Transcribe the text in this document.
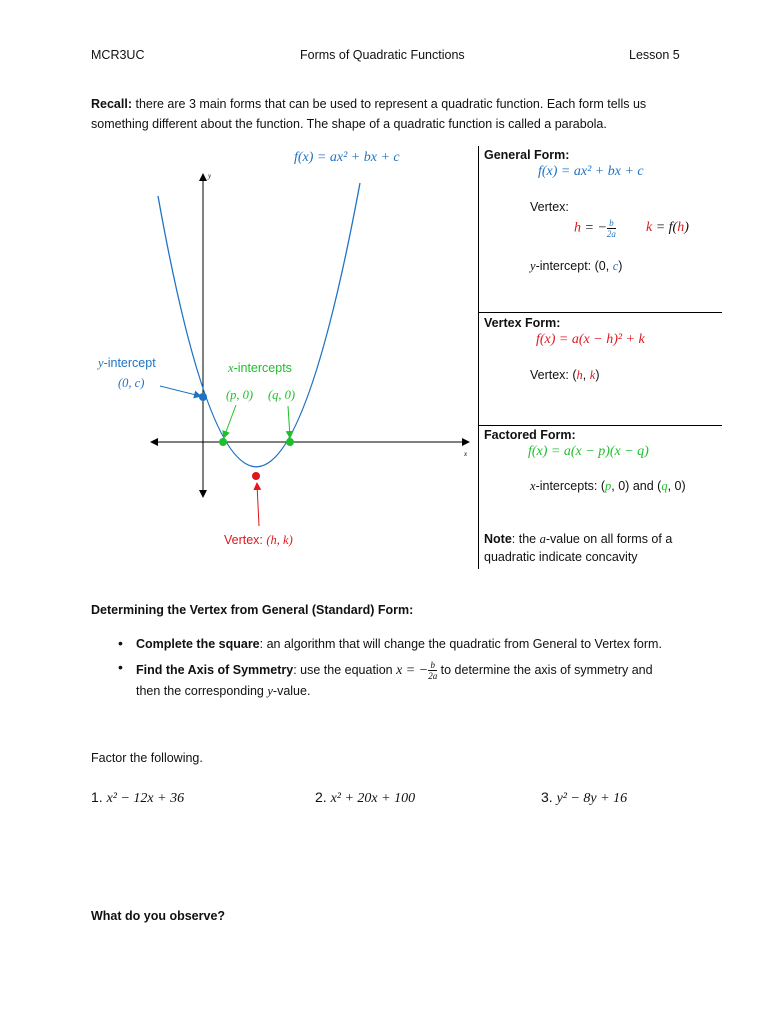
MCR3UC	Forms of Quadratic Functions	Lesson 5
Recall: there are 3 main forms that can be used to represent a quadratic function. Each form tells us something different about the function. The shape of a quadratic function is called a parabola.
y
x
f(x) = ax² + bx + c
y-intercept
(0, c)
x-intercepts
(p, 0) (q, 0)
Vertex: (h, k)
General Form:
f(x) = ax² + bx + c
Vertex:
h = − $\frac{b}{2a}$ k = f(h)
y-intercept: (0, c)
Vertex Form:
f(x) = a(x − h)² + k
Vertex: (h, k)
Factored Form:
f(x) = a(x − p)(x − q)
x-intercepts: (p, 0) and (q, 0)
Note: the a-value on all forms of a
quadratic indicate concavity
Determining the Vertex from General (Standard) Form:
• Complete the square: an algorithm that will change the quadratic from General to Vertex form.
• Find the Axis of Symmetry: use the equation x = − $\frac{b}{2a}$ to determine the axis of symmetry and
then the corresponding y-value.
Factor the following.
1. x² − 12x + 36	2. x² + 20x + 100	3. y² − 8y + 16
What do you observe?
